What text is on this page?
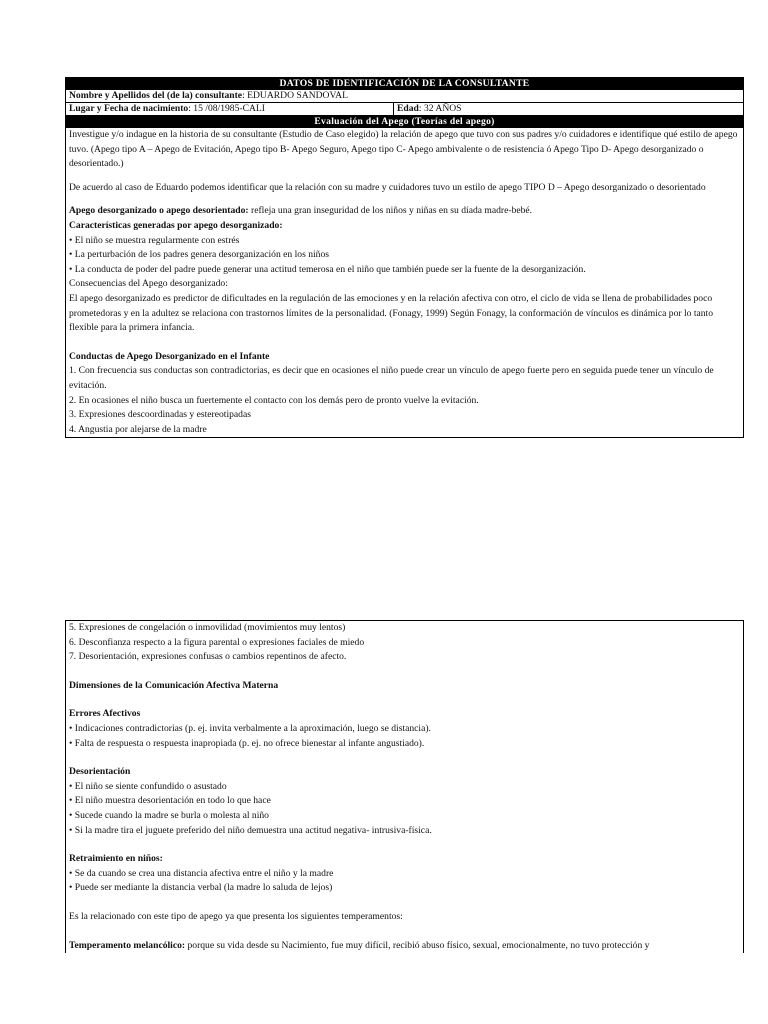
DATOS DE IDENTIFICACIÓN DE LA CONSULTANTE
Nombre y Apellidos del (de la) consultante: EDUARDO SANDOVAL
Lugar y Fecha de nacimiento: 15 /08/1985-CALI	Edad: 32 AÑOS
Evaluación del Apego (Teorías del apego)

Investigue y/o indague en la historia de su consultante (Estudio de Caso elegido) la relación de apego que tuvo con sus padres y/o cuidadores e identifique qué estilo de apego tuvo. (Apego tipo A – Apego de Evitación, Apego tipo B- Apego Seguro, Apego tipo C- Apego ambivalente o de resistencia ó Apego Tipo D- Apego desorganizado o desorientado.)

De acuerdo al caso de Eduardo podemos identificar que la relación con su madre y cuidadores tuvo un estilo de apego TIPO D – Apego desorganizado o desorientado

Apego desorganizado o apego desorientado: refleja una gran inseguridad de los niños y niñas en su díada madre-bebé.

Características generadas por apego desorganizado:

• El niño se muestra regularmente con estrés

• La perturbación de los padres genera desorganización en los niños

• La conducta de poder del padre puede generar una actitud temerosa en el niño que también puede ser la fuente de la desorganización.

Consecuencias del Apego desorganizado:

El apego desorganizado es predictor de dificultades en la regulación de las emociones y en la relación afectiva con otro, el ciclo de vida se llena de probabilidades poco prometedoras y en la adultez se relaciona con trastornos límites de la personalidad. (Fonagy, 1999) Según Fonagy, la conformación de vínculos es dinámica por lo tanto flexible para la primera infancia.

Conductas de Apego Desorganizado en el Infante

1. Con frecuencia sus conductas son contradictorias, es decir que en ocasiones el niño puede crear un vínculo de apego fuerte pero en seguida puede tener un vínculo de evitación.

2. En ocasiones el niño busca un fuertemente el contacto con los demás pero de pronto vuelve la evitación.

3. Expresiones descoordinadas y estereotipadas

4. Angustia por alejarse de la madre

5. Expresiones de congelación o inmovilidad (movimientos muy lentos)

6. Desconfianza respecto a la figura parental o expresiones faciales de miedo

7. Desorientación, expresiones confusas o cambios repentinos de afecto.

Dimensiones de la Comunicación Afectiva Materna

Errores Afectivos

• Indicaciones contradictorias (p. ej. invita verbalmente a la aproximación, luego se distancia).

• Falta de respuesta o respuesta inapropiada (p. ej. no ofrece bienestar al infante angustiado).

Desorientación

• El niño se siente confundido o asustado

• El niño muestra desorientación en todo lo que hace

• Sucede cuando la madre se burla o molesta al niño

• Si la madre tira el juguete preferido del niño demuestra una actitud negativa- intrusiva-física.

Retraimiento en niños:

• Se da cuando se crea una distancia afectiva entre el niño y la madre

• Puede ser mediante la distancia verbal (la madre lo saluda de lejos)

Es la relacionado con este tipo de apego ya que presenta los siguientes temperamentos:

Temperamento melancólico: porque su vida desde su Nacimiento, fue muy difícil, recibió abuso físico, sexual, emocionalmente, no tuvo protección y
